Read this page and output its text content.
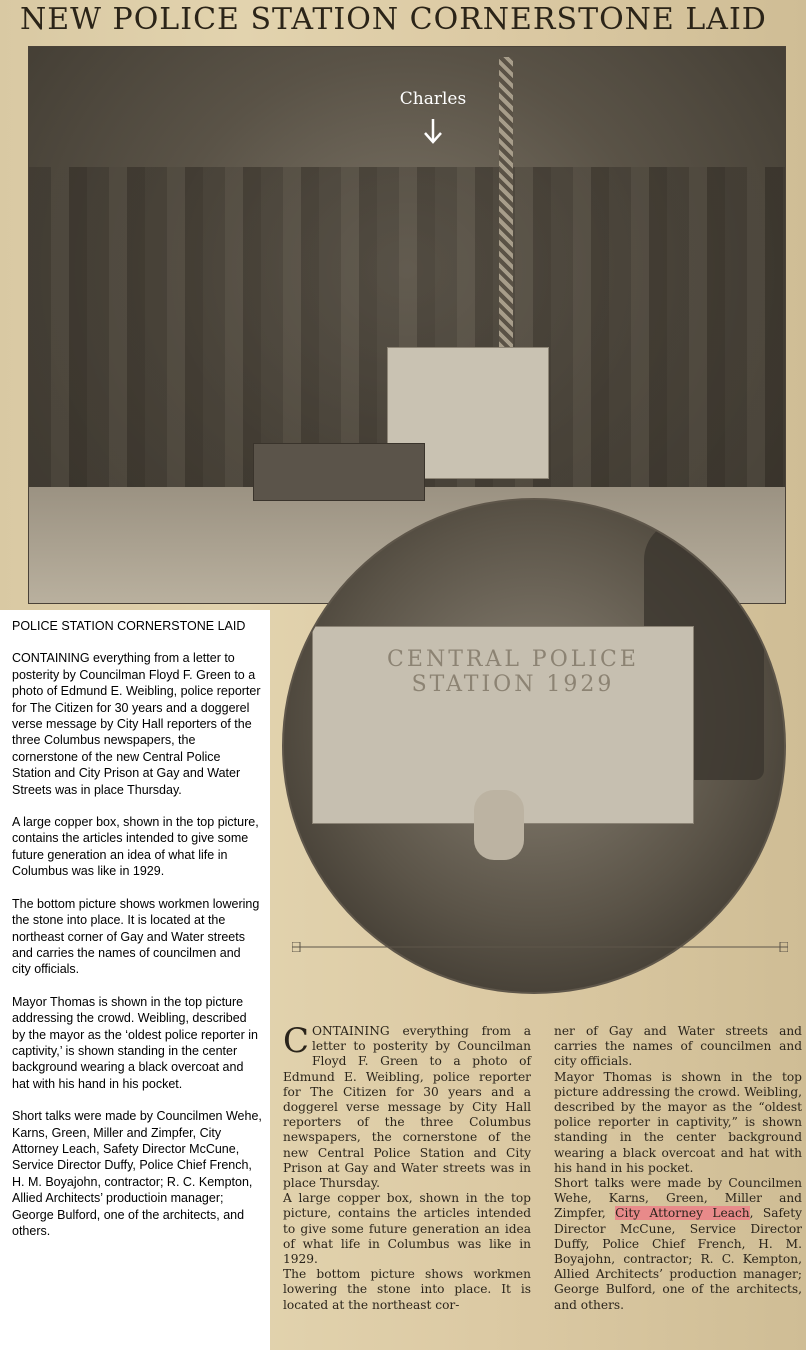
NEW POLICE STATION CORNERSTONE LAID
Charles
CENTRAL POLICE STATION 1929

POLICE STATION CORNERSTONE LAID

CONTAINING everything from a letter to posterity by Councilman Floyd F. Green to a photo of Edmund E. Weibling, police reporter for The Citizen for 30 years and a doggerel verse message by City Hall reporters of the three Columbus newspapers, the cornerstone of the new Central Police Station and City Prison at Gay and Water Streets was in place Thursday.

A large copper box, shown in the top picture, contains the articles intended to give some future generation an idea of what life in Columbus was like in 1929.

The bottom picture shows workmen lowering the stone into place. It is located at the northeast corner of Gay and Water streets and carries the names of councilmen and city officials.

Mayor Thomas is shown in the top picture addressing the crowd. Weibling, described by the mayor as the ‘oldest police reporter in captivity,’ is shown standing in the center background wearing a black overcoat and hat with his hand in his pocket.

Short talks were made by Councilmen Wehe, Karns, Green, Miller and Zimpfer, City Attorney Leach, Safety Director McCune, Service Director Duffy, Police Chief French, H. M. Boyajohn, contractor; R. C. Kempton, Allied Architects’ productioin manager; George Bulford, one of the architects, and others.

CONTAINING everything from a letter to posterity by Councilman Floyd F. Green to a photo of Edmund E. Weibling, police reporter for The Citizen for 30 years and a doggerel verse message by City Hall reporters of the three Columbus newspapers, the cornerstone of the new Central Police Station and City Prison at Gay and Water streets was in place Thursday.

A large copper box, shown in the top picture, contains the articles intended to give some future generation an idea of what life in Columbus was like in 1929.

The bottom picture shows workmen lowering the stone into place. It is located at the northeast cor-

ner of Gay and Water streets and carries the names of councilmen and city officials.

Mayor Thomas is shown in the top picture addressing the crowd. Weibling, described by the mayor as the “oldest police reporter in captivity,” is shown standing in the center background wearing a black overcoat and hat with his hand in his pocket.

Short talks were made by Councilmen Wehe, Karns, Green, Miller and Zimpfer, City Attorney Leach, Safety Director McCune, Service Director Duffy, Police Chief French, H. M. Boyajohn, contractor; R. C. Kempton, Allied Architects’ production manager; George Bulford, one of the architects, and others.
